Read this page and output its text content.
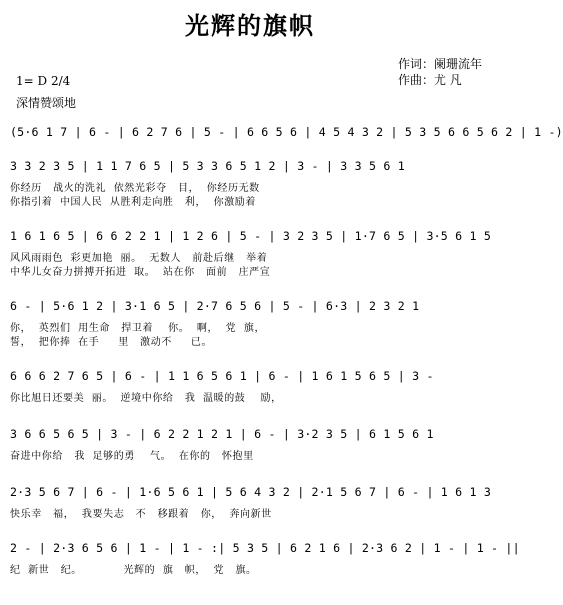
光辉的旗帜
作词：阑珊流年
作曲：尤 凡
1= D 2/4
深情赞颂地
(5·6 1 7 | 6 - | 6 2 7 6 | 5 - | 6 6 5 6 | 4 5 4 3 2 | 5 3 5 6 6 5 6 2 | 1 -)
3 3 2 3 5 | 1 1 7 6 5 | 5 3 3 6 5 1 2 | 3 - | 3 3 5 6 1
你经历   战火的洗礼  依然光彩夺   目，  你经历无数
你指引着  中国人民  从胜利走向胜   利，  你激励着
1 6 1 6 5 | 6 6 2 2 1 | 1 2 6 | 5 - | 3 2 3 5 | 1·7 6 5 | 3·5 6 1 5
风风雨雨色  彩更加艳  丽。  无数人   前赴后继   举着
中华儿女奋力拼搏开拓进  取。  站在你   面前   庄严宣
6 - | 5·6 1 2 | 3·1 6 5 | 2·7 6 5 6 | 5 - | 6·3 | 2 3 2 1
你，  英烈们  用生命   捍卫着    你。  啊，  党  旗，
誓，  把你捧  在手     里   激动不     已。
6 6 6 2 7 6 5 | 6 - | 1 1 6 5 6 1 | 6 - | 1 6 1 5 6 5 | 3 -
你比旭日还要美  丽。  逆境中你给   我  温暖的鼓    励，
3 6 6 5 6 5 | 3 - | 6 2 2 1 2 1 | 6 - | 3·2 3 5 | 6 1 5 6 1
奋进中你给   我  足够的勇    气。  在你的   怀抱里
2·3 5 6 7 | 6 - | 1·6 5 6 1 | 5 6 4 3 2 | 2·1 5 6 7 | 6 - | 1 6 1 3
快乐幸   福，  我要失志   不   移跟着   你，  奔向新世
2 - | 2·3 6 5 6 | 1 - | 1 - :| 5 3 5 | 6 2 1 6 | 2·3 6 2 | 1 - | 1 - ||
纪  新世   纪。           光辉的  旗   帜，  党   旗。
